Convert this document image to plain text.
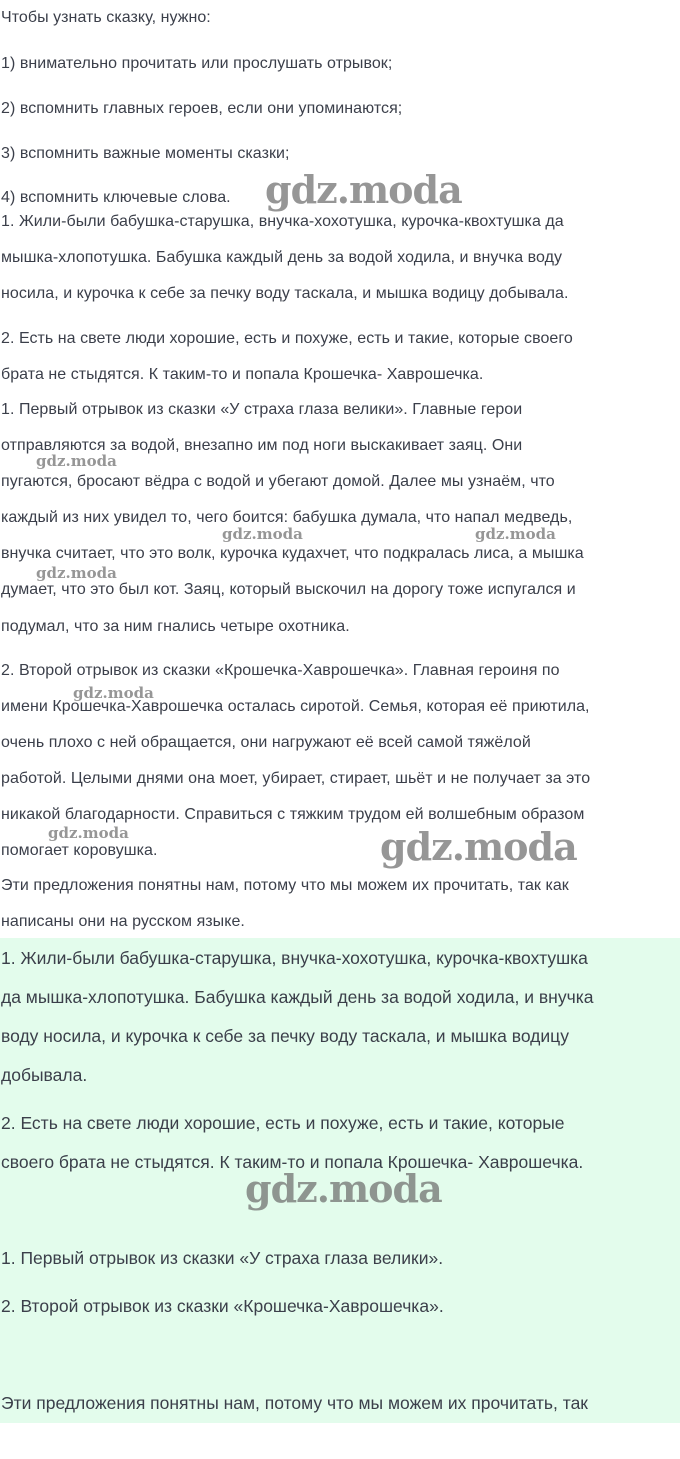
Чтобы узнать сказку, нужно:

1) внимательно прочитать или прослушать отрывок;

2) вспомнить главных героев, если они упоминаются;

3) вспомнить важные моменты сказки;

4) вспомнить ключевые слова.

1. Жили-были бабушка-старушка, внучка-хохотушка, курочка-квохтушка да

мышка-хлопотушка. Бабушка каждый день за водой ходила, и внучка воду

носила, и курочка к себе за печку воду таскала, и мышка водицу добывала.

2. Есть на свете люди хорошие, есть и похуже, есть и такие, которые своего

брата не стыдятся. К таким-то и попала Крошечка- Хаврошечка.

1. Первый отрывок из сказки «У страха глаза велики». Главные герои

отправляются за водой, внезапно им под ноги выскакивает заяц. Они

пугаются, бросают вёдра с водой и убегают домой. Далее мы узнаём, что

каждый из них увидел то, чего боится: бабушка думала, что напал медведь,

внучка считает, что это волк, курочка кудахчет, что подкралась лиса, а мышка

думает, что это был кот. Заяц, который выскочил на дорогу тоже испугался и

подумал, что за ним гнались четыре охотника.

2. Второй отрывок из сказки «Крошечка-Хаврошечка». Главная героиня по

имени Крошечка-Хаврошечка осталась сиротой. Семья, которая её приютила,

очень плохо с ней обращается, они нагружают её всей самой тяжёлой

работой. Целыми днями она моет, убирает, стирает, шьёт и не получает за это

никакой благодарности. Справиться с тяжким трудом ей волшебным образом

помогает коровушка.

Эти предложения понятны нам, потому что мы можем их прочитать, так как

написаны они на русском языке.

1. Жили-были бабушка-старушка, внучка-хохотушка, курочка-квохтушка

да мышка-хлопотушка. Бабушка каждый день за водой ходила, и внучка

воду носила, и курочка к себе за печку воду таскала, и мышка водицу

добывала.

2. Есть на свете люди хорошие, есть и похуже, есть и такие, которые

своего брата не стыдятся. К таким-то и попала Крошечка- Хаврошечка.

1. Первый отрывок из сказки «У страха глаза велики».

2. Второй отрывок из сказки «Крошечка-Хаврошечка».

Эти предложения понятны нам, потому что мы можем их прочитать, так

gdz.moda
gdz.moda
gdz.moda	gdz.moda
gdz.moda
gdz.moda
gdz.moda	gdz.moda
gdz.moda
